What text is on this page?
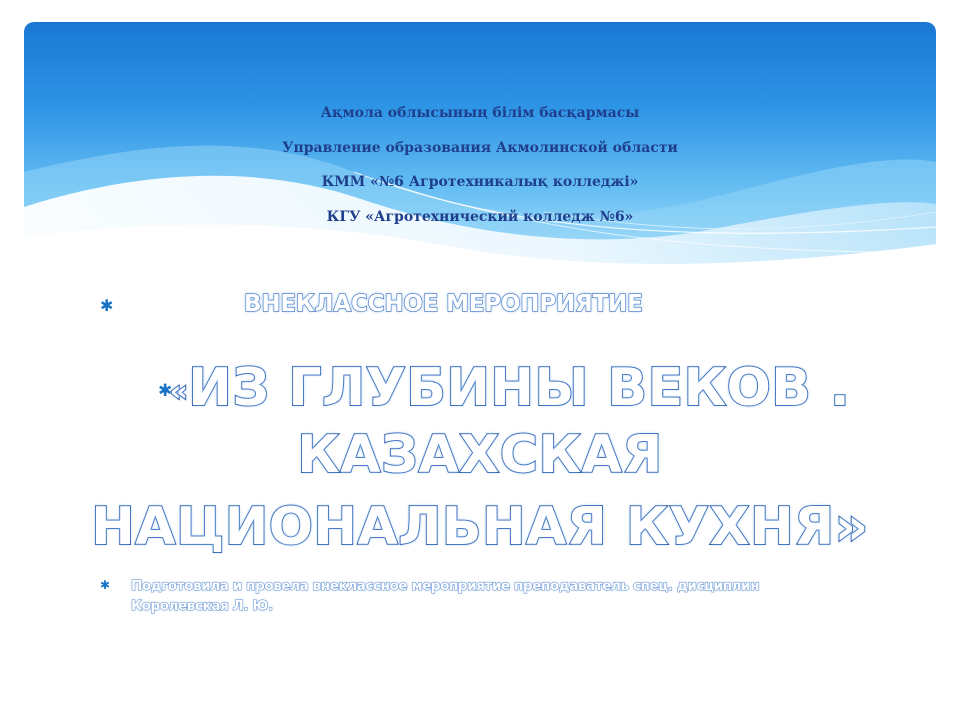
Ақмола облысының білім басқармасы
Управление образования Акмолинской области
КММ «№6 Агротехникалық колледжі»
КГУ «Агротехнический колледж №6»
✱	ВНЕКЛАССНОЕ МЕРОПРИЯТИЕ
✱
«ИЗ ГЛУБИНЫ ВЕКОВ .
КАЗАХСКАЯ
НАЦИОНАЛЬНАЯ КУХНЯ»
✱ Подготовила и провела внеклассное мероприятие преподаватель спец. дисциплин
Королевская Л. Ю.
